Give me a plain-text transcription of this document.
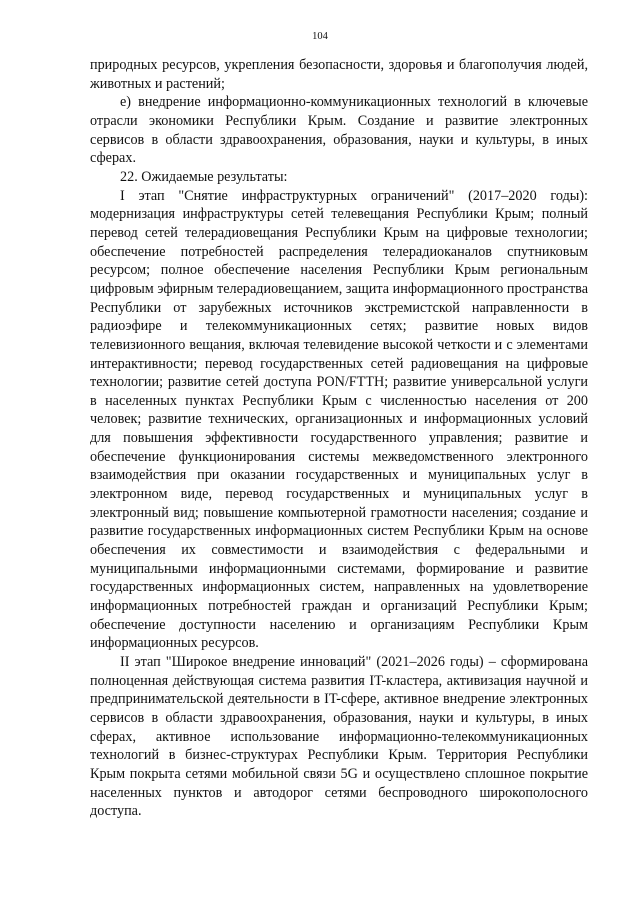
104

природных ресурсов, укрепления безопасности, здоровья и благополучия людей, животных и растений;

е) внедрение информационно-коммуникационных технологий в ключевые отрасли экономики Республики Крым. Создание и развитие электронных сервисов в области здравоохранения, образования, науки и культуры, в иных сферах.

22. Ожидаемые результаты:

I этап "Снятие инфраструктурных ограничений" (2017–2020 годы): модернизация инфраструктуры сетей телевещания Республики Крым; полный перевод сетей телерадиовещания Республики Крым на цифровые технологии; обеспечение потребностей распределения телерадиоканалов спутниковым ресурсом; полное обеспечение населения Республики Крым региональным цифровым эфирным телерадиовещанием, защита информационного пространства Республики от зарубежных источников экстремистской направленности в радиоэфире и телекоммуникационных сетях; развитие новых видов телевизионного вещания, включая телевидение высокой четкости и с элементами интерактивности; перевод государственных сетей радиовещания на цифровые технологии; развитие сетей доступа PON/FTTH; развитие универсальной услуги в населенных пунктах Республики Крым с численностью населения от 200 человек; развитие технических, организационных и информационных условий для повышения эффективности государственного управления; развитие и обеспечение функционирования системы межведомственного электронного взаимодействия при оказании государственных и муниципальных услуг в электронном виде, перевод государственных и муниципальных услуг в электронный вид; повышение компьютерной грамотности населения; создание и развитие государственных информационных систем Республики Крым на основе обеспечения их совместимости и взаимодействия с федеральными и муниципальными информационными системами, формирование и развитие государственных информационных систем, направленных на удовлетворение информационных потребностей граждан и организаций Республики Крым; обеспечение доступности населению и организациям Республики Крым информационных ресурсов.

II этап "Широкое внедрение инноваций" (2021–2026 годы) – сформирована полноценная действующая система развития IT-кластера, активизация научной и предпринимательской деятельности в IT-сфере, активное внедрение электронных сервисов в области здравоохранения, образования, науки и культуры, в иных сферах, активное использование информационно-телекоммуникационных технологий в бизнес-структурах Республики Крым. Территория Республики Крым покрыта сетями мобильной связи 5G и осуществлено сплошное покрытие населенных пунктов и автодорог сетями беспроводного широкополосного доступа.
